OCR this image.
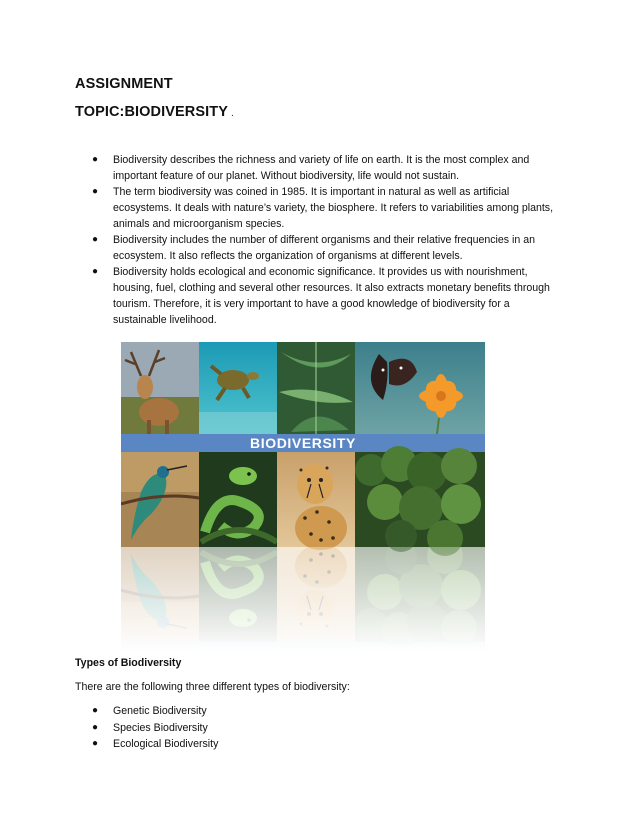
ASSIGNMENT
TOPIC:BIODIVERSITY .
● Biodiversity describes the richness and variety of life on earth. It is the most complex and important feature of our planet. Without biodiversity, life would not sustain.
● The term biodiversity was coined in 1985. It is important in natural as well as artificial ecosystems. It deals with nature’s variety, the biosphere. It refers to variabilities among plants, animals and microorganism species.
● Biodiversity includes the number of different organisms and their relative frequencies in an ecosystem. It also reflects the organization of organisms at different levels.
● Biodiversity holds ecological and economic significance. It provides us with nourishment, housing, fuel, clothing and several other resources. It also extracts monetary benefits through tourism. Therefore, it is very important to have a good knowledge of biodiversity for a sustainable livelihood.
BIODIVERSITY
Types of Biodiversity
There are the following three different types of biodiversity:
● Genetic Biodiversity
● Species Biodiversity
● Ecological Biodiversity
